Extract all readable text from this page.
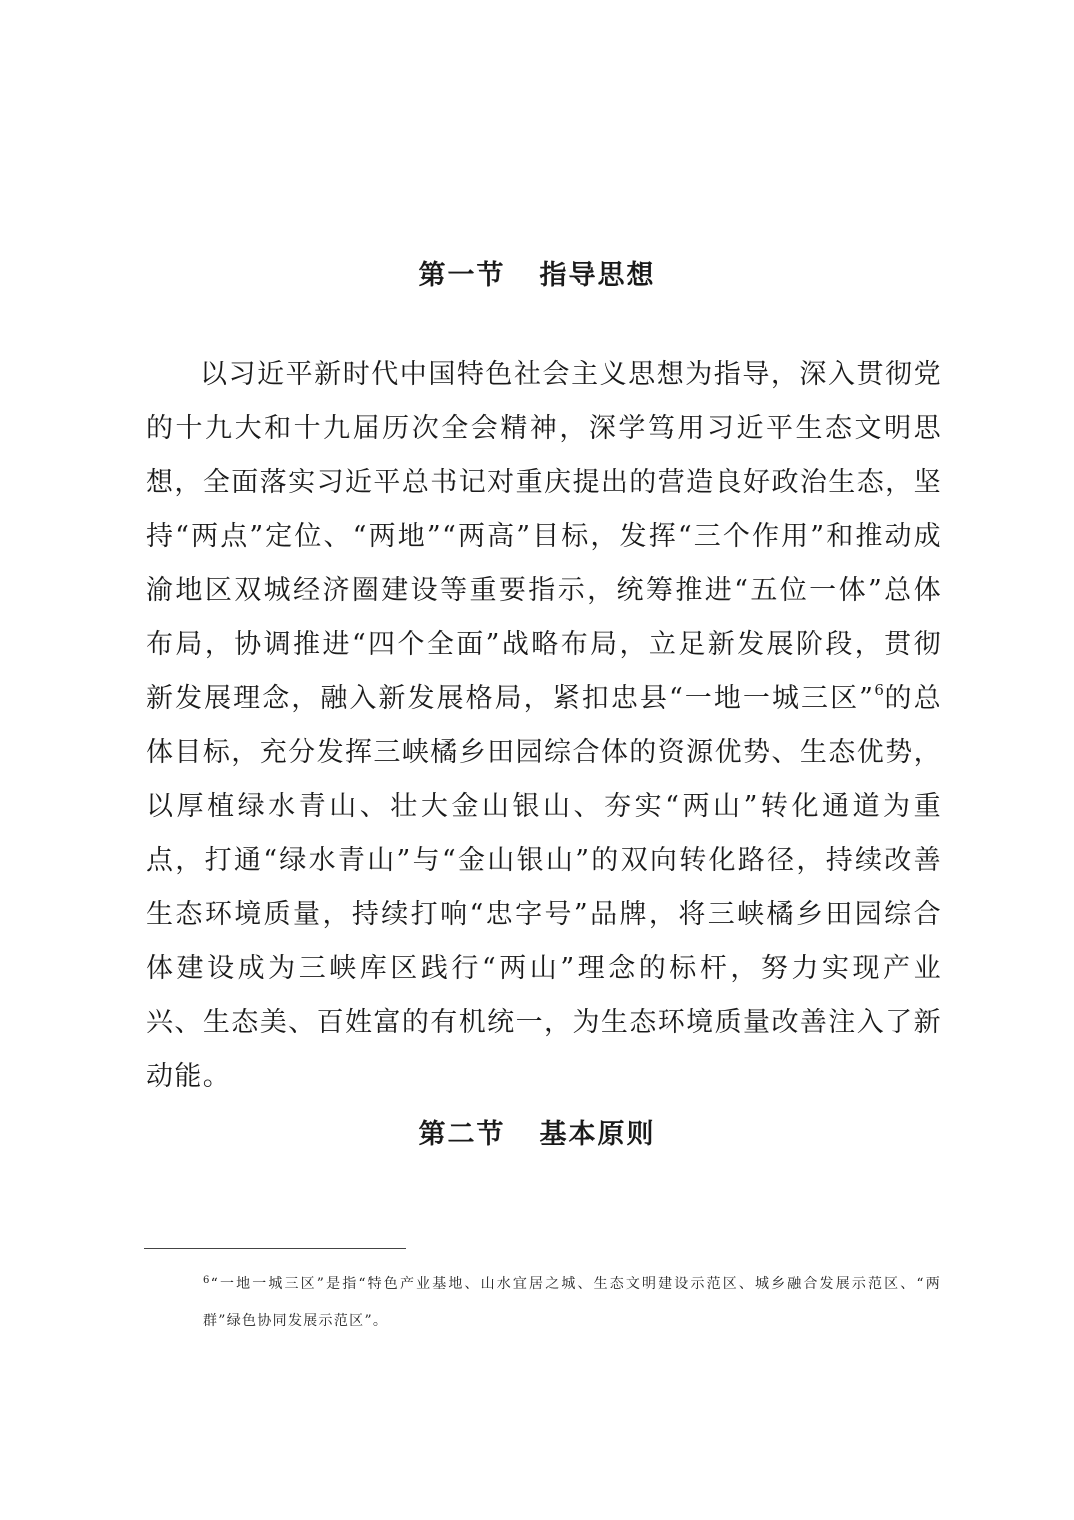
第一节 指导思想

以习近平新时代中国特色社会主义思想为指导，深入贯彻党的十九大和十九届历次全会精神，深学笃用习近平生态文明思想，全面落实习近平总书记对重庆提出的营造良好政治生态，坚持“两点”定位、“两地”“两高”目标，发挥“三个作用”和推动成渝地区双城经济圈建设等重要指示，统筹推进“五位一体”总体布局，协调推进“四个全面”战略布局，立足新发展阶段，贯彻新发展理念，融入新发展格局，紧扣忠县“一地一城三区”$^6$的总体目标，充分发挥三峡橘乡田园综合体的资源优势、生态优势，以厚植绿水青山、壮大金山银山、夯实“两山”转化通道为重点，打通“绿水青山”与“金山银山”的双向转化路径，持续改善生态环境质量，持续打响“忠字号”品牌，将三峡橘乡田园综合体建设成为三峡库区践行“两山”理念的标杆，努力实现产业兴、生态美、百姓富的有机统一，为生态环境质量改善注入了新动能。

第二节 基本原则

$^6$“一地一城三区”是指“特色产业基地、山水宜居之城、生态文明建设示范区、城乡融合发展示范区、“两群”绿色协同发展示范区”。
